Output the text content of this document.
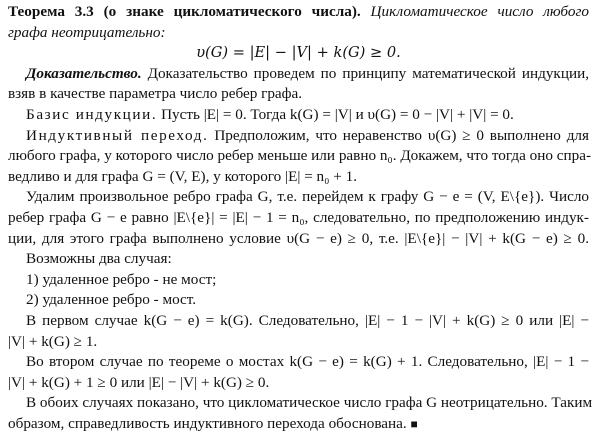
Теорема 3.3 (о знаке цикломатического числа). Цикломатическое число любого
графа неотрицательно:
υ(G) = |E| − |V| + k(G) ≥ 0.
Доказательство. Доказательство проведем по принципу математической индукции,
взяв в качестве параметра число ребер графа.
Базис индукции. Пусть |E| = 0. Тогда k(G) = |V| и υ(G) = 0 − |V| + |V| = 0.
Индуктивный переход. Предположим, что неравенство υ(G) ≥ 0 выполнено для
любого графа, у которого число ребер меньше или равно n₀. Докажем, что тогда оно спра-
ведливо и для графа G = (V, E), у которого |E| = n₀ + 1.
Удалим произвольное ребро графа G, т.е. перейдем к графу G − e = (V, E\{e}). Число
ребер графа G − e равно |E\{e}| = |E| − 1 = n₀, следовательно, по предположению индук-
ции, для этого графа выполнено условие υ(G − e) ≥ 0, т.е. |E\{e}| − |V| + k(G − e) ≥ 0.
Возможны два случая:
1) удаленное ребро - не мост;
2) удаленное ребро - мост.
В первом случае k(G − e) = k(G). Следовательно, |E| − 1 − |V| + k(G) ≥ 0 или |E| −
|V| + k(G) ≥ 1.
Во втором случае по теореме о мостах k(G − e) = k(G) + 1. Следовательно, |E| − 1 −
|V| + k(G) + 1 ≥ 0 или |E| − |V| + k(G) ≥ 0.
В обоих случаях показано, что цикломатическое число графа G неотрицательно. Таким
образом, справедливость индуктивного перехода обоснована. ■
